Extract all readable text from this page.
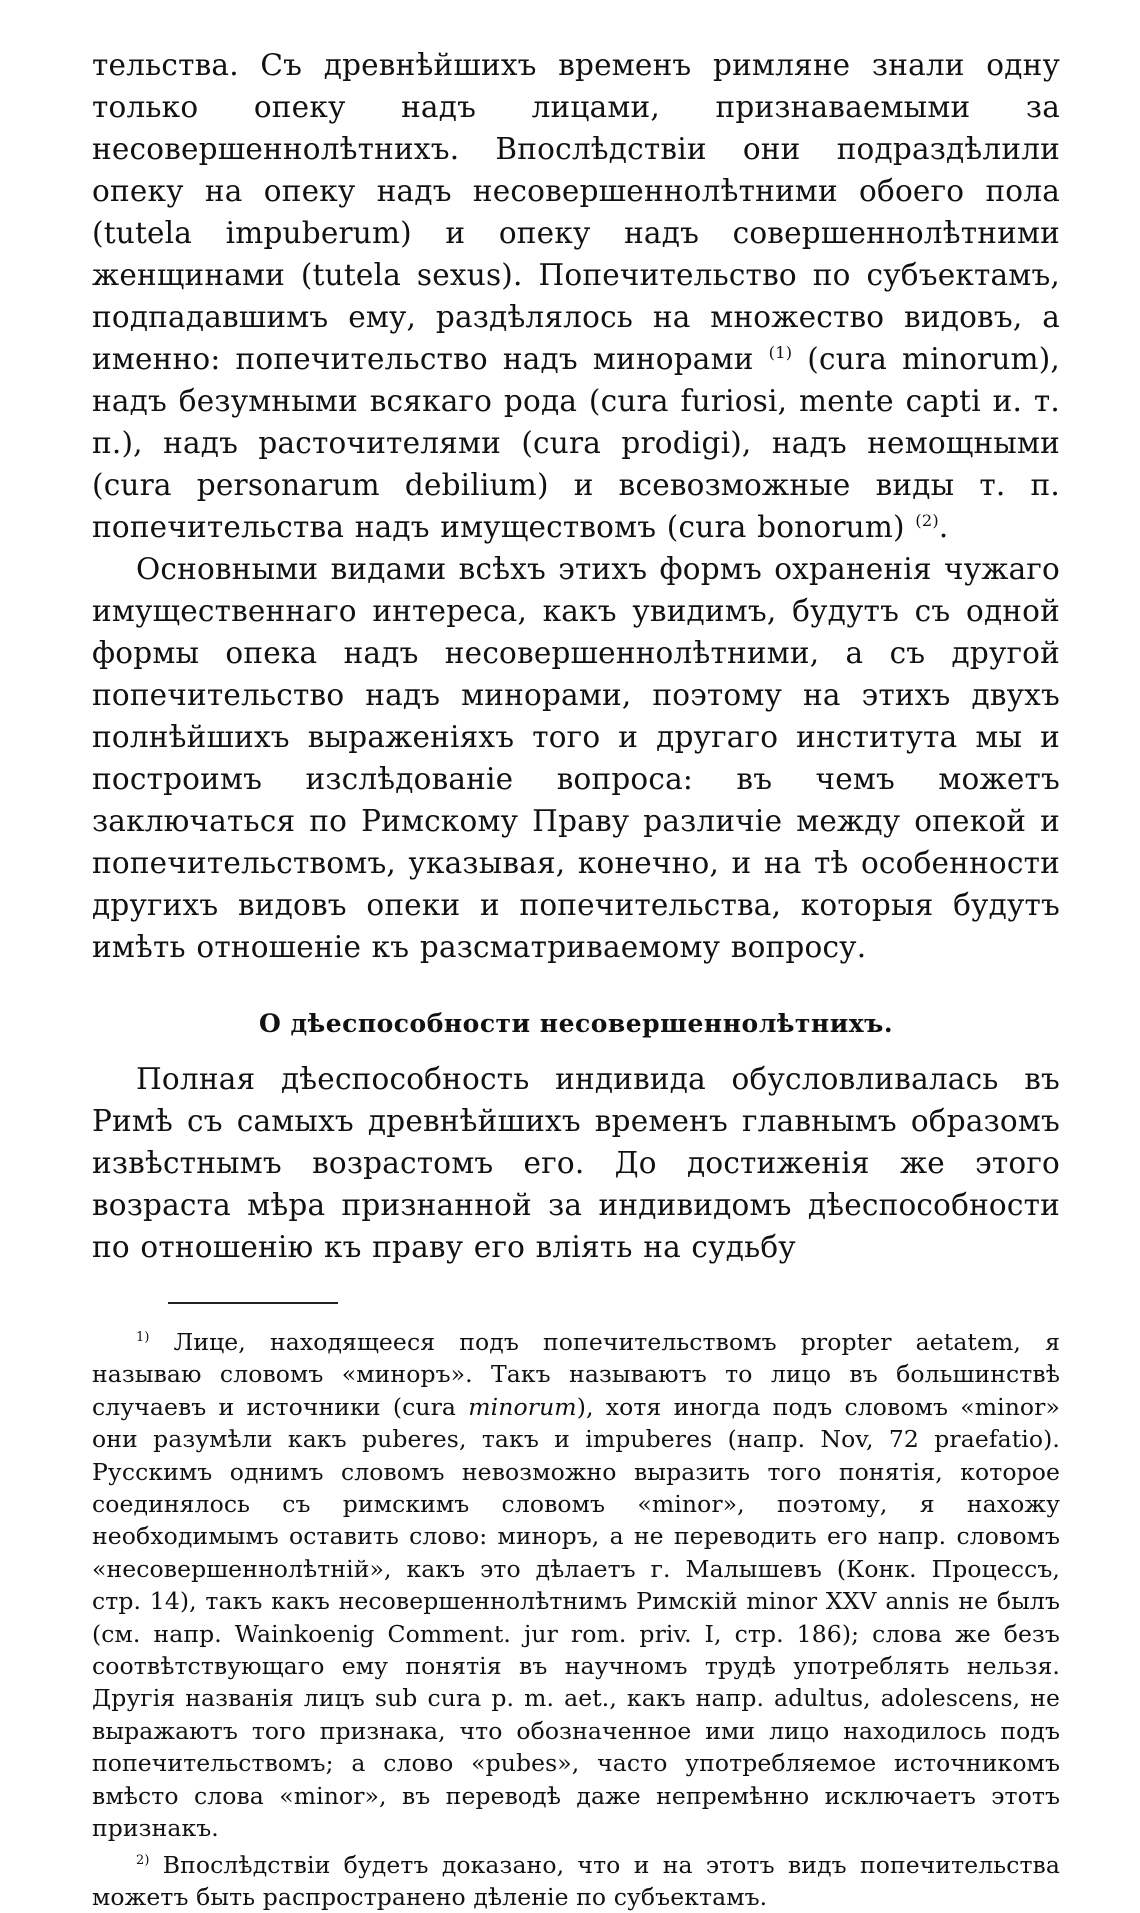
тельства. Съ древнѣйшихъ временъ римляне знали одну только опеку надъ лицами, признаваемыми за несовершеннолѣтнихъ. Впослѣдствіи они подраздѣлили опеку на опеку надъ несовершеннолѣтними обоего пола (tutela impuberum) и опеку надъ совершеннолѣтними женщинами (tutela sexus). Попечительство по субъектамъ, подпадавшимъ ему, раздѣлялось на множество видовъ, а именно: попечительство надъ минорами $^{(1)}$ (cura minorum), надъ безумными всякаго рода (cura furiosi, mente capti и. т. п.), надъ расточителями (cura prodigi), надъ немощными (cura personarum debilium) и всевозможные виды т. п. попечительства надъ имуществомъ (cura bonorum) $^{(2)}$.

Основными видами всѣхъ этихъ формъ охраненія чужаго имущественнаго интереса, какъ увидимъ, будутъ съ одной формы опека надъ несовершеннолѣтними, а съ другой попечительство надъ минорами, поэтому на этихъ двухъ полнѣйшихъ выраженіяхъ того и другаго института мы и построимъ изслѣдованіе вопроса: въ чемъ можетъ заключаться по Римскому Праву различіе между опекой и попечительствомъ, указывая, конечно, и на тѣ особенности другихъ видовъ опеки и попечительства, которыя будутъ имѣть отношеніе къ разсматриваемому вопросу.

О дѣеспособности несовершеннолѣтнихъ.

Полная дѣеспособность индивида обусловливалась въ Римѣ съ самыхъ древнѣйшихъ временъ главнымъ образомъ извѣстнымъ возрастомъ его. До достиженія же этого возраста мѣра признанной за индивидомъ дѣеспособности по отношенію къ праву его влiять на судьбу

$^{1)}$ Лице, находящееся подъ попечительствомъ propter aetatem, я называю словомъ «миноръ». Такъ называютъ то лицо въ большинствѣ случаевъ и источники (cura minorum), хотя иногда подъ словомъ «minor» они разумѣли какъ puberes, такъ и impuberes (напр. Nov, 72 praefatio). Русскимъ однимъ словомъ невозможно выразить того понятія, которое соединялось съ римскимъ словомъ «minor», поэтому, я нахожу необходимымъ оставить слово: миноръ, а не переводить его напр. словомъ «несовершеннолѣтній», какъ это дѣлаетъ г. Малышевъ (Конк. Процессъ, стр. 14), такъ какъ несовершеннолѣтнимъ Римскій minor XXV annis не былъ (см. напр. Wainkoenig Comment. jur rom. priv. I, стр. 186); слова же безъ соотвѣтствующаго ему понятія въ научномъ трудѣ употреблять нельзя. Другія названія лицъ sub cura p. m. aet., какъ напр. adultus, adolescens, не выражаютъ того признака, что обозначенное ими лицо находилось подъ попечительствомъ; а слово «pubes», часто употребляемое источникомъ вмѣсто слова «minor», въ переводѣ даже непремѣнно исключаетъ этотъ признакъ.

$^{2)}$ Впослѣдствіи будетъ доказано, что и на этотъ видъ попечительства можетъ быть распространено дѣленіе по субъектамъ.
